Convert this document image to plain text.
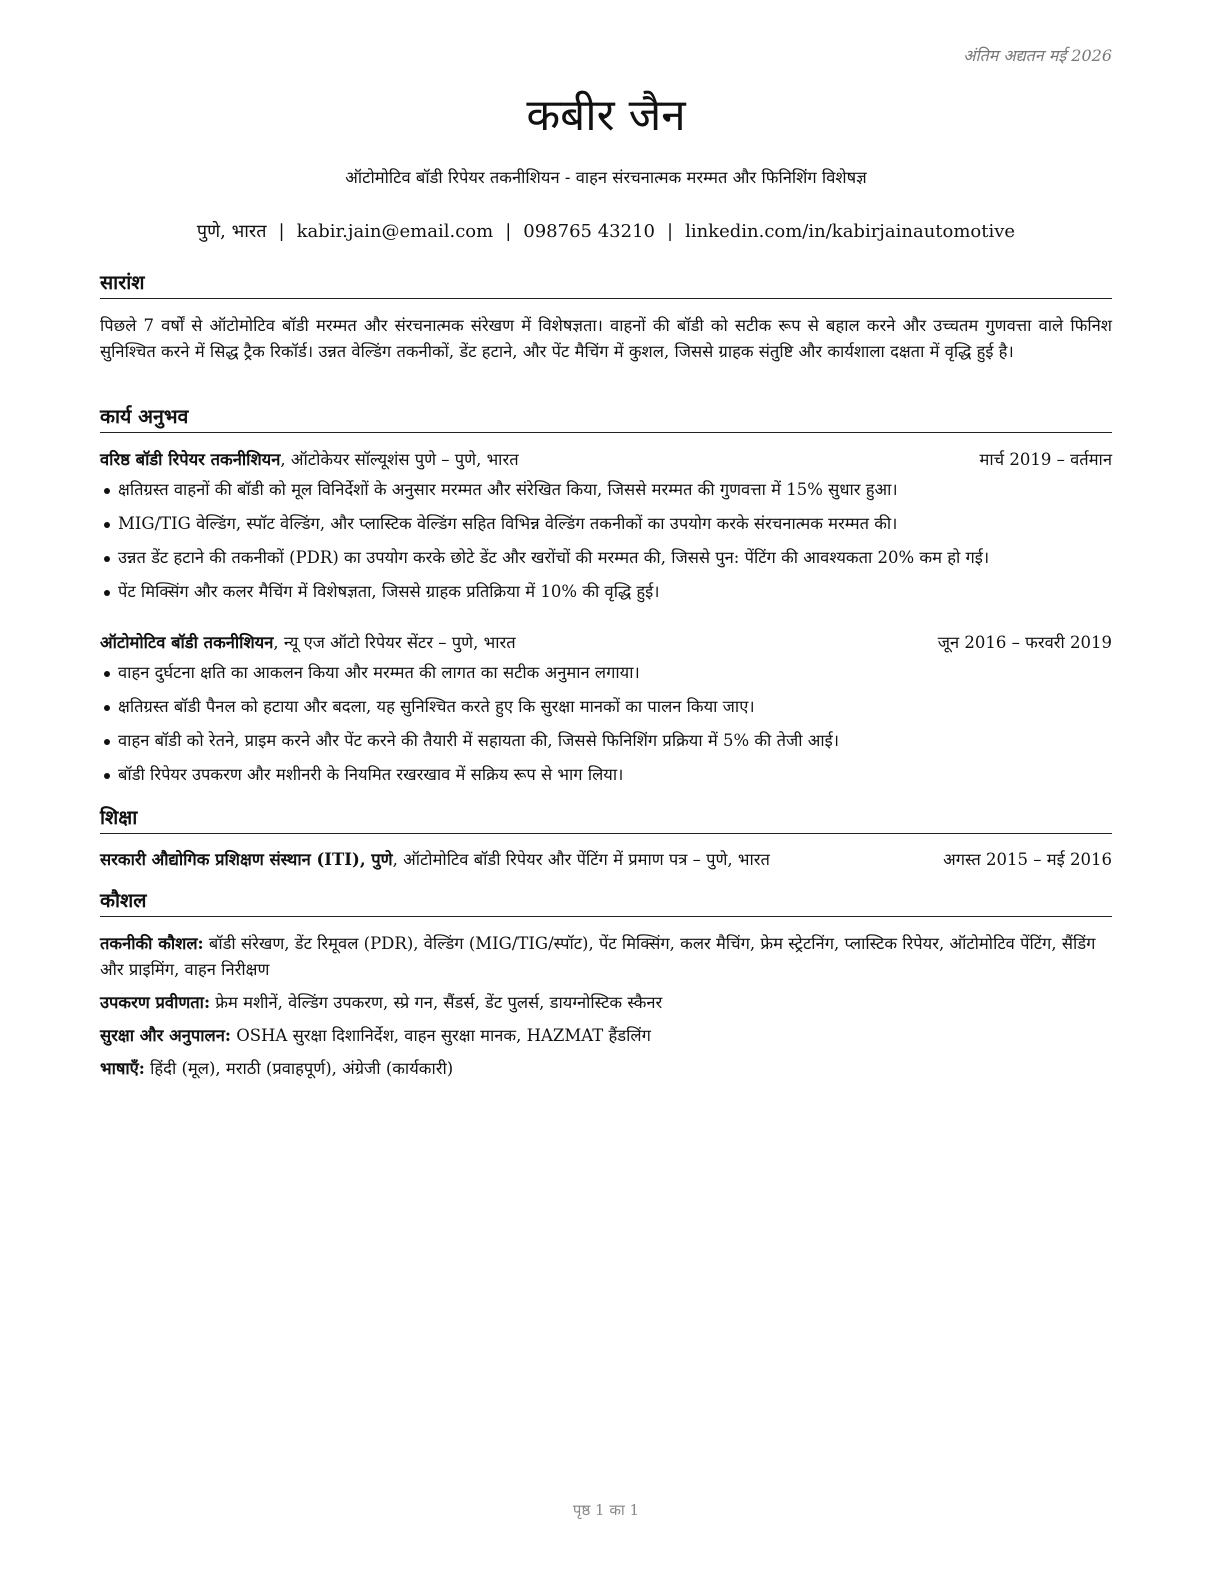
अंतिम अद्यतन मई 2026
कबीर जैन
ऑटोमोटिव बॉडी रिपेयर तकनीशियन - वाहन संरचनात्मक मरम्मत और फिनिशिंग विशेषज्ञ
पुणे, भारत | kabir.jain@email.com | 098765 43210 | linkedin.com/in/kabirjainautomotive
सारांश
पिछले 7 वर्षों से ऑटोमोटिव बॉडी मरम्मत और संरचनात्मक संरेखण में विशेषज्ञता। वाहनों की बॉडी को सटीक रूप से बहाल करने और उच्चतम गुणवत्ता वाले फिनिश सुनिश्चित करने में सिद्ध ट्रैक रिकॉर्ड। उन्नत वेल्डिंग तकनीकों, डेंट हटाने, और पेंट मैचिंग में कुशल, जिससे ग्राहक संतुष्टि और कार्यशाला दक्षता में वृद्धि हुई है।
कार्य अनुभव
वरिष्ठ बॉडी रिपेयर तकनीशियन, ऑटोकेयर सॉल्यूशंस पुणे – पुणे, भारत	मार्च 2019 – वर्तमान
क्षतिग्रस्त वाहनों की बॉडी को मूल विनिर्देशों के अनुसार मरम्मत और संरेखित किया, जिससे मरम्मत की गुणवत्ता में 15% सुधार हुआ।
MIG/TIG वेल्डिंग, स्पॉट वेल्डिंग, और प्लास्टिक वेल्डिंग सहित विभिन्न वेल्डिंग तकनीकों का उपयोग करके संरचनात्मक मरम्मत की।
उन्नत डेंट हटाने की तकनीकों (PDR) का उपयोग करके छोटे डेंट और खरोंचों की मरम्मत की, जिससे पुन: पेंटिंग की आवश्यकता 20% कम हो गई।
पेंट मिक्सिंग और कलर मैचिंग में विशेषज्ञता, जिससे ग्राहक प्रतिक्रिया में 10% की वृद्धि हुई।
ऑटोमोटिव बॉडी तकनीशियन, न्यू एज ऑटो रिपेयर सेंटर – पुणे, भारत	जून 2016 – फरवरी 2019
वाहन दुर्घटना क्षति का आकलन किया और मरम्मत की लागत का सटीक अनुमान लगाया।
क्षतिग्रस्त बॉडी पैनल को हटाया और बदला, यह सुनिश्चित करते हुए कि सुरक्षा मानकों का पालन किया जाए।
वाहन बॉडी को रेतने, प्राइम करने और पेंट करने की तैयारी में सहायता की, जिससे फिनिशिंग प्रक्रिया में 5% की तेजी आई।
बॉडी रिपेयर उपकरण और मशीनरी के नियमित रखरखाव में सक्रिय रूप से भाग लिया।
शिक्षा
सरकारी औद्योगिक प्रशिक्षण संस्थान (ITI), पुणे, ऑटोमोटिव बॉडी रिपेयर और पेंटिंग में प्रमाण पत्र – पुणे, भारत	अगस्त 2015 – मई 2016
कौशल
तकनीकी कौशल: बॉडी संरेखण, डेंट रिमूवल (PDR), वेल्डिंग (MIG/TIG/स्पॉट), पेंट मिक्सिंग, कलर मैचिंग, फ्रेम स्ट्रेटनिंग, प्लास्टिक रिपेयर, ऑटोमोटिव पेंटिंग, सैंडिंग और प्राइमिंग, वाहन निरीक्षण
उपकरण प्रवीणता: फ्रेम मशीनें, वेल्डिंग उपकरण, स्प्रे गन, सैंडर्स, डेंट पुलर्स, डायग्नोस्टिक स्कैनर
सुरक्षा और अनुपालन: OSHA सुरक्षा दिशानिर्देश, वाहन सुरक्षा मानक, HAZMAT हैंडलिंग
भाषाएँ: हिंदी (मूल), मराठी (प्रवाहपूर्ण), अंग्रेजी (कार्यकारी)
पृष्ठ 1 का 1
